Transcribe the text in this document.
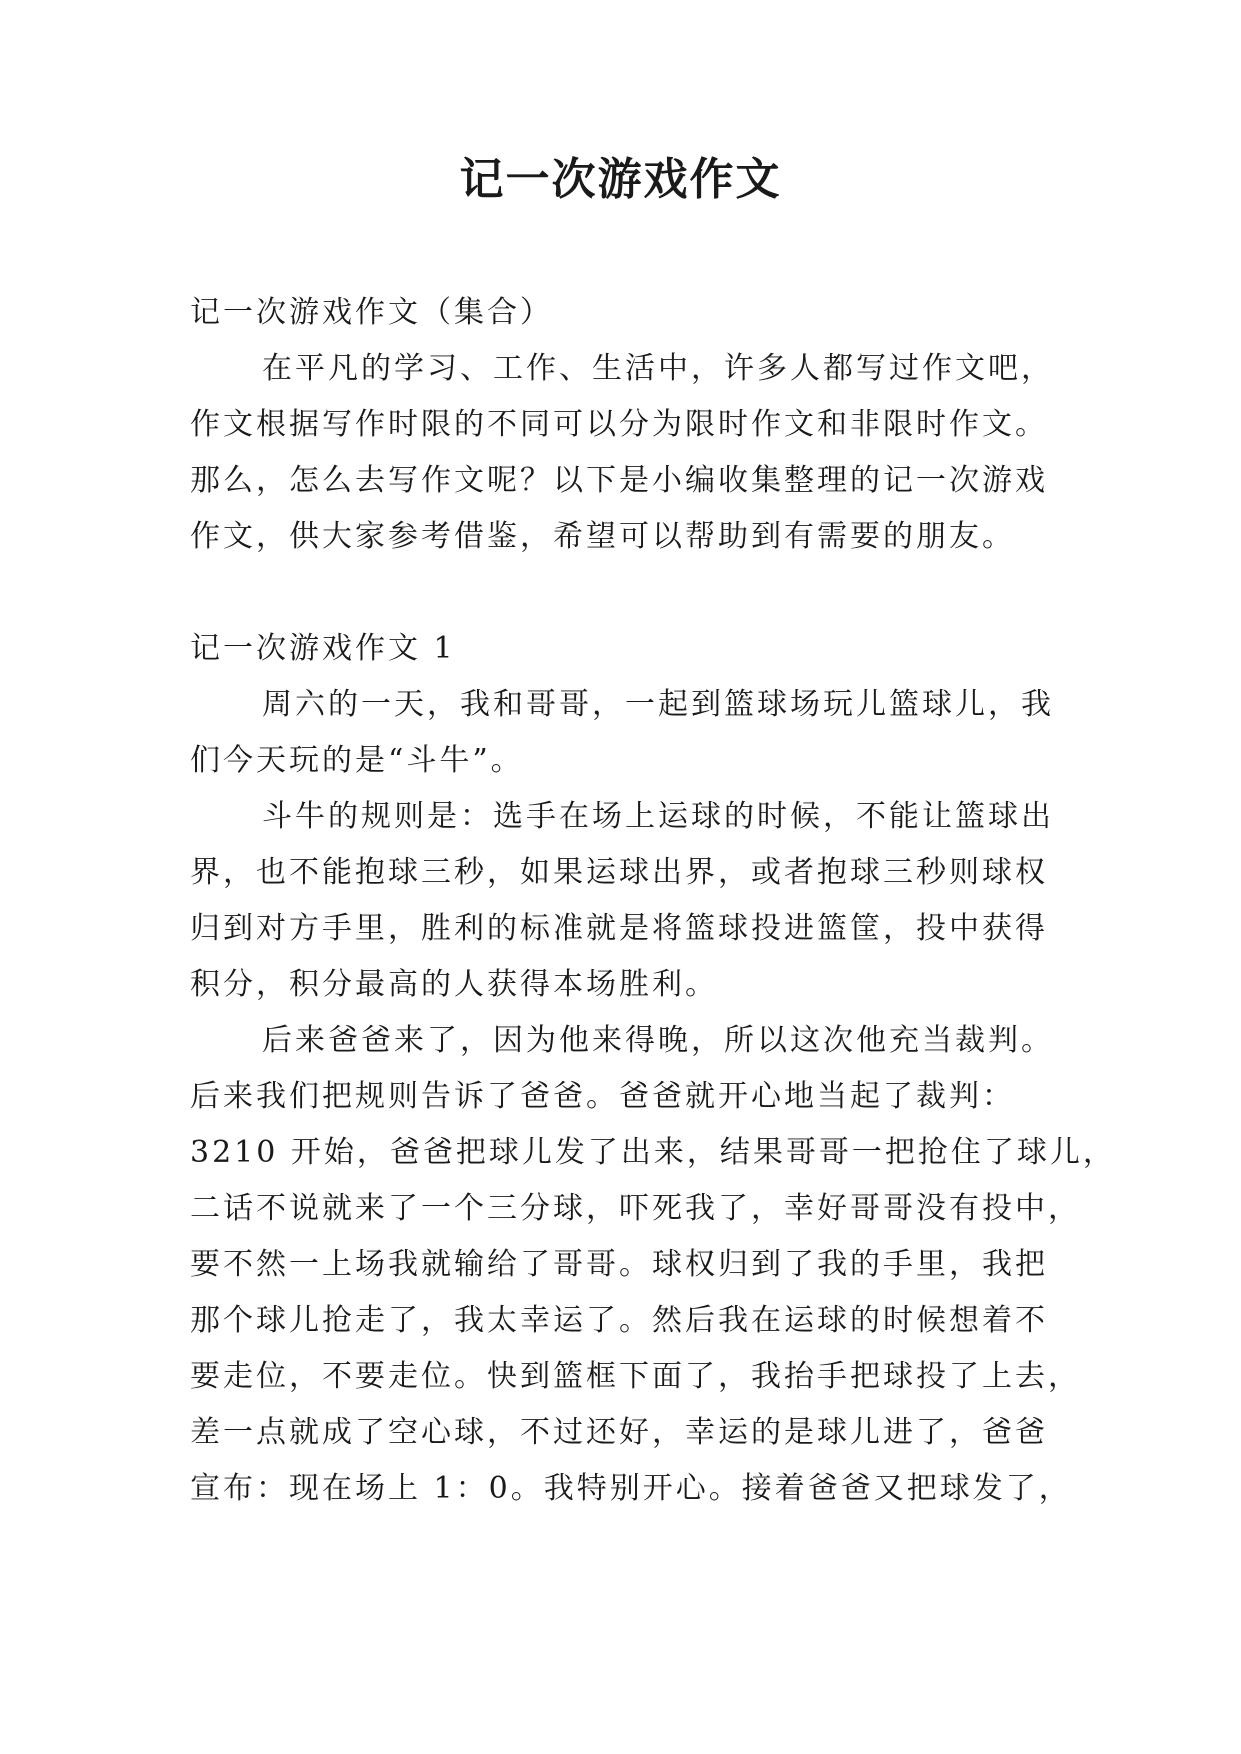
记一次游戏作文
记一次游戏作文（集合）
在平凡的学习、工作、生活中，许多人都写过作文吧，
作文根据写作时限的不同可以分为限时作文和非限时作文。
那么，怎么去写作文呢？以下是小编收集整理的记一次游戏
作文，供大家参考借鉴，希望可以帮助到有需要的朋友。
记一次游戏作文 1
周六的一天，我和哥哥，一起到篮球场玩儿篮球儿，我
们今天玩的是“斗牛”。
斗牛的规则是：选手在场上运球的时候，不能让篮球出
界，也不能抱球三秒，如果运球出界，或者抱球三秒则球权
归到对方手里，胜利的标准就是将篮球投进篮筐，投中获得
积分，积分最高的人获得本场胜利。
后来爸爸来了，因为他来得晚，所以这次他充当裁判。
后来我们把规则告诉了爸爸。爸爸就开心地当起了裁判：
3210 开始，爸爸把球儿发了出来，结果哥哥一把抢住了球儿，
二话不说就来了一个三分球，吓死我了，幸好哥哥没有投中，
要不然一上场我就输给了哥哥。球权归到了我的手里，我把
那个球儿抢走了，我太幸运了。然后我在运球的时候想着不
要走位，不要走位。快到篮框下面了，我抬手把球投了上去，
差一点就成了空心球，不过还好，幸运的是球儿进了，爸爸
宣布：现在场上 1：0。我特别开心。接着爸爸又把球发了，
